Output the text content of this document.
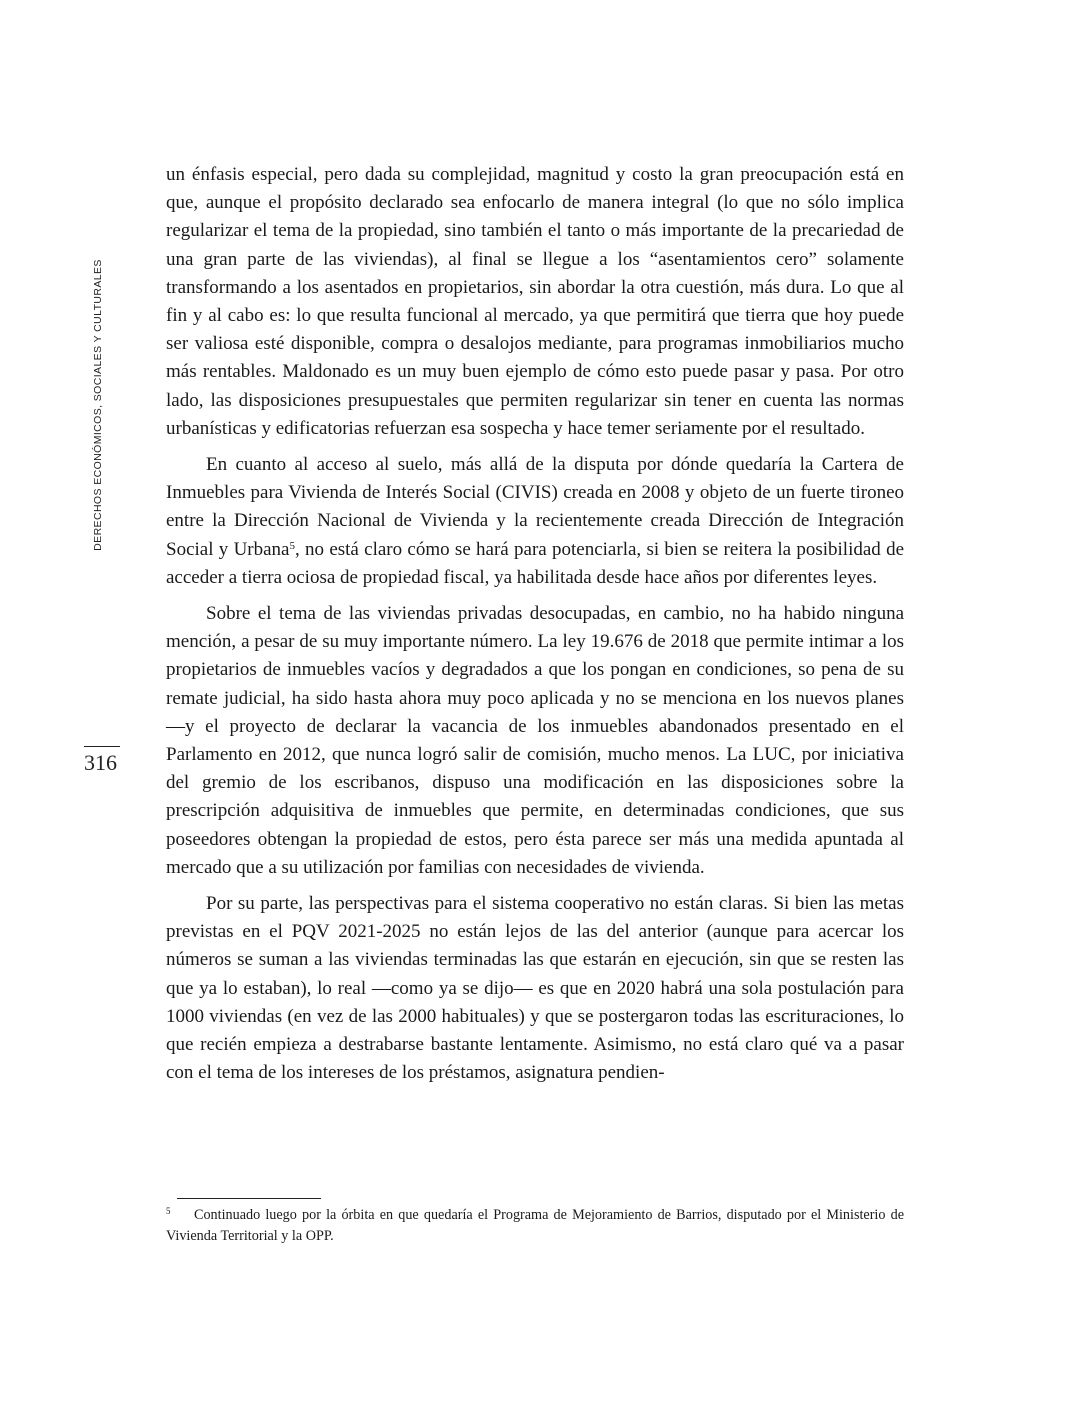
DERECHOS ECONÓMICOS, SOCIALES Y CULTURALES
316

un énfasis especial, pero dada su complejidad, magnitud y costo la gran preocupación está en que, aunque el propósito declarado sea enfocarlo de manera integral (lo que no sólo implica regularizar el tema de la propiedad, sino también el tanto o más importante de la precariedad de una gran parte de las viviendas), al final se llegue a los “asentamientos cero” solamente transformando a los asentados en propietarios, sin abordar la otra cuestión, más dura. Lo que al fin y al cabo es: lo que resulta funcional al mercado, ya que permitirá que tierra que hoy puede ser valiosa esté disponible, compra o desalojos mediante, para programas inmobiliarios mucho más rentables. Maldonado es un muy buen ejemplo de cómo esto puede pasar y pasa. Por otro lado, las disposiciones presupuestales que permiten regularizar sin tener en cuenta las normas urbanísticas y edificatorias refuerzan esa sospecha y hace temer seriamente por el resultado.

En cuanto al acceso al suelo, más allá de la disputa por dónde quedaría la Cartera de Inmuebles para Vivienda de Interés Social (CIVIS) creada en 2008 y objeto de un fuerte tironeo entre la Dirección Nacional de Vivienda y la recientemente creada Dirección de Integración Social y Urbana$^5$, no está claro cómo se hará para potenciarla, si bien se reitera la posibilidad de acceder a tierra ociosa de propiedad fiscal, ya habilitada desde hace años por diferentes leyes.

Sobre el tema de las viviendas privadas desocupadas, en cambio, no ha habido ninguna mención, a pesar de su muy importante número. La ley 19.676 de 2018 que permite intimar a los propietarios de inmuebles vacíos y degradados a que los pongan en condiciones, so pena de su remate judicial, ha sido hasta ahora muy poco aplicada y no se menciona en los nuevos planes —y el proyecto de declarar la vacancia de los inmuebles abandonados presentado en el Parlamento en 2012, que nunca logró salir de comisión, mucho menos. La LUC, por iniciativa del gremio de los escribanos, dispuso una modificación en las disposiciones sobre la prescripción adquisitiva de inmuebles que permite, en determinadas condiciones, que sus poseedores obtengan la propiedad de estos, pero ésta parece ser más una medida apuntada al mercado que a su utilización por familias con necesidades de vivienda.

Por su parte, las perspectivas para el sistema cooperativo no están claras. Si bien las metas previstas en el PQV 2021-2025 no están lejos de las del anterior (aunque para acercar los números se suman a las viviendas terminadas las que estarán en ejecución, sin que se resten las que ya lo estaban), lo real —como ya se dijo— es que en 2020 habrá una sola postulación para 1000 viviendas (en vez de las 2000 habituales) y que se postergaron todas las escrituraciones, lo que recién empieza a destrabarse bastante lentamente. Asimismo, no está claro qué va a pasar con el tema de los intereses de los préstamos, asignatura pendien-

5 Continuado luego por la órbita en que quedaría el Programa de Mejoramiento de Barrios, disputado por el Ministerio de Vivienda Territorial y la OPP.
